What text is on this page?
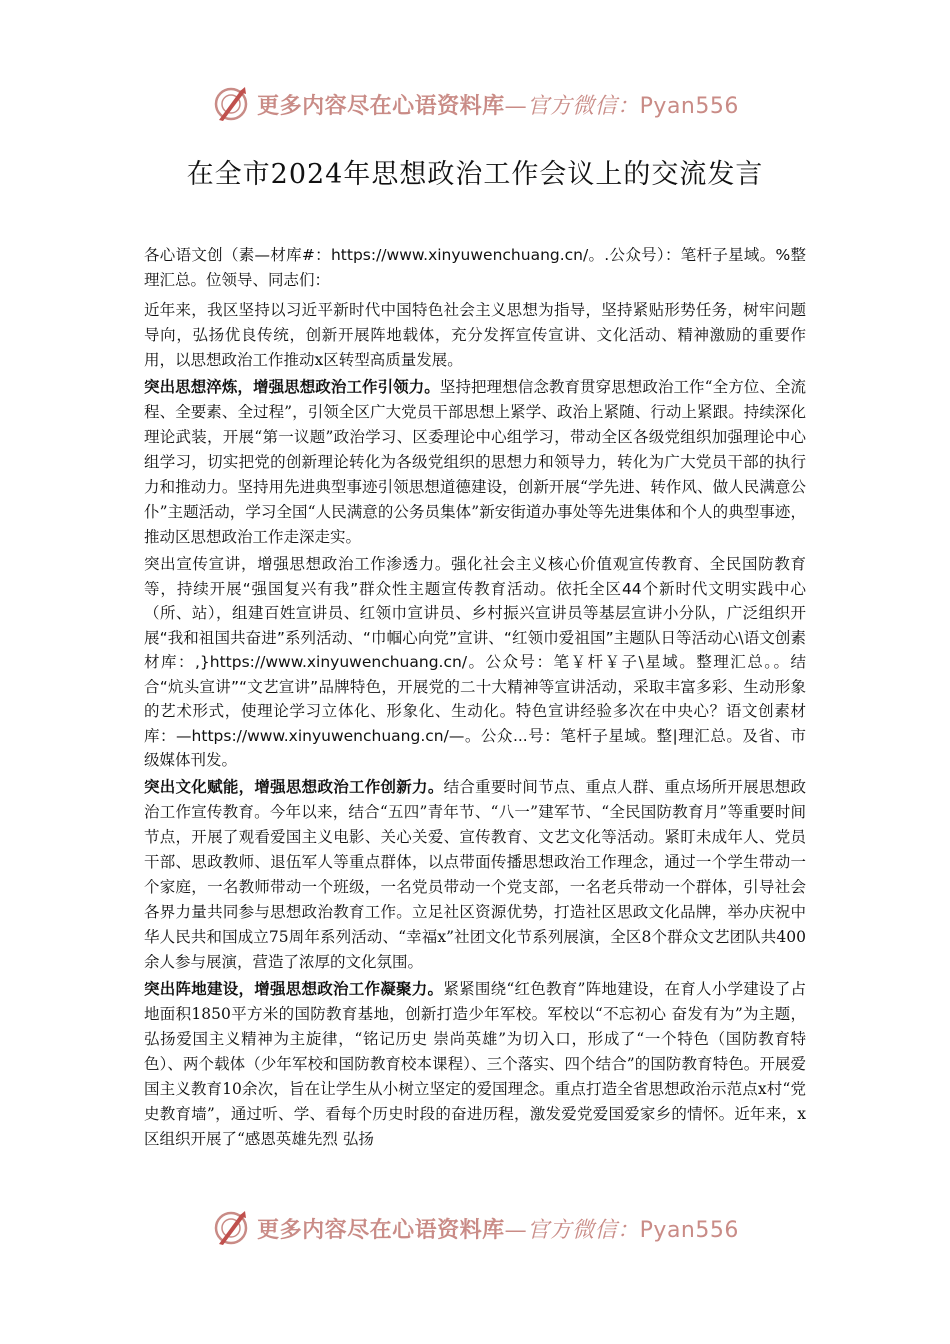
更多内容尽在心语资料库—官方微信：Pyan556
在全市2024年思想政治工作会议上的交流发言

各心语文创（素—材库#：https://www.xinyuwenchuang.cn/。.公众号）：笔杆子星域。%整理汇总。位领导、同志们：

近年来，我区坚持以习近平新时代中国特色社会主义思想为指导，坚持紧贴形势任务，树牢问题导向，弘扬优良传统，创新开展阵地载体，充分发挥宣传宣讲、文化活动、精神激励的重要作用，以思想政治工作推动x区转型高质量发展。

突出思想淬炼，增强思想政治工作引领力。坚持把理想信念教育贯穿思想政治工作“全方位、全流程、全要素、全过程”，引领全区广大党员干部思想上紧学、政治上紧随、行动上紧跟。持续深化理论武装，开展“第一议题”政治学习、区委理论中心组学习，带动全区各级党组织加强理论中心组学习，切实把党的创新理论转化为各级党组织的思想力和领导力，转化为广大党员干部的执行力和推动力。坚持用先进典型事迹引领思想道德建设，创新开展“学先进、转作风、做人民满意公仆”主题活动，学习全国“人民满意的公务员集体”新安街道办事处等先进集体和个人的典型事迹，推动区思想政治工作走深走实。

突出宣传宣讲，增强思想政治工作渗透力。强化社会主义核心价值观宣传教育、全民国防教育等，持续开展“强国复兴有我”群众性主题宣传教育活动。依托全区44个新时代文明实践中心（所、站），组建百姓宣讲员、红领巾宣讲员、乡村振兴宣讲员等基层宣讲小分队，广泛组织开展“我和祖国共奋进”系列活动、“巾帼心向党”宣讲、“红领巾爱祖国”主题队日等活动心\语文创素材库：,}https://www.xinyuwenchuang.cn/。公众号：笔￥杆￥子\星域。整理汇总。。结合“炕头宣讲”“文艺宣讲”品牌特色，开展党的二十大精神等宣讲活动，采取丰富多彩、生动形象的艺术形式，使理论学习立体化、形象化、生动化。特色宣讲经验多次在中央心？语文创素材库：—https://www.xinyuwenchuang.cn/—。公众...号：笔杆子星域。整|理汇总。及省、市级媒体刊发。

突出文化赋能，增强思想政治工作创新力。结合重要时间节点、重点人群、重点场所开展思想政治工作宣传教育。今年以来，结合“五四”青年节、“八一”建军节、“全民国防教育月”等重要时间节点，开展了观看爱国主义电影、关心关爱、宣传教育、文艺文化等活动。紧盯未成年人、党员干部、思政教师、退伍军人等重点群体，以点带面传播思想政治工作理念，通过一个学生带动一个家庭，一名教师带动一个班级，一名党员带动一个党支部，一名老兵带动一个群体，引导社会各界力量共同参与思想政治教育工作。立足社区资源优势，打造社区思政文化品牌，举办庆祝中华人民共和国成立75周年系列活动、“幸福x”社团文化节系列展演，全区8个群众文艺团队共400余人参与展演，营造了浓厚的文化氛围。

突出阵地建设，增强思想政治工作凝聚力。紧紧围绕“红色教育”阵地建设，在育人小学建设了占地面积1850平方米的国防教育基地，创新打造少年军校。军校以“不忘初心 奋发有为”为主题，弘扬爱国主义精神为主旋律，“铭记历史 崇尚英雄”为切入口，形成了“一个特色（国防教育特色）、两个载体（少年军校和国防教育校本课程）、三个落实、四个结合”的国防教育特色。开展爱国主义教育10余次，旨在让学生从小树立坚定的爱国理念。重点打造全省思想政治示范点x村“党史教育墙”，通过听、学、看每个历史时段的奋进历程，激发爱党爱国爱家乡的情怀。近年来，x区组织开展了“感恩英雄先烈 弘扬

更多内容尽在心语资料库—官方微信：Pyan556
